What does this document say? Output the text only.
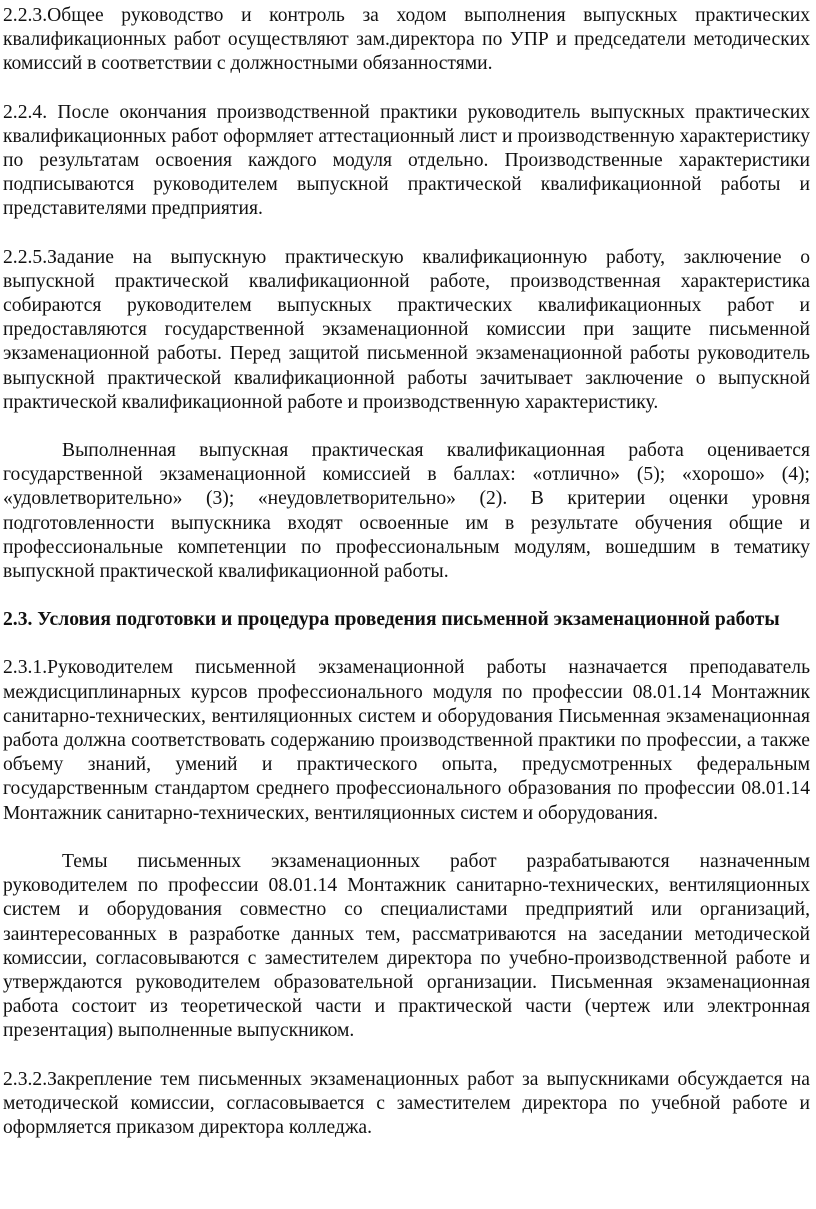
2.2.3.Общее руководство и контроль за ходом выполнения выпускных практических квалификационных работ осуществляют зам.директора по УПР и председатели методических комиссий в соответствии с должностными обязанностями.

2.2.4. После окончания производственной практики руководитель выпускных практических квалификационных работ оформляет аттестационный лист и производственную характеристику по результатам освоения каждого модуля отдельно. Производственные характеристики подписываются руководителем выпускной практической квалификационной работы и представителями предприятия.

2.2.5.Задание на выпускную практическую квалификационную работу, заключение о выпускной практической квалификационной работе, производственная характеристика собираются руководителем выпускных практических квалификационных работ и предоставляются государственной экзаменационной комиссии при защите письменной экзаменационной работы. Перед защитой письменной экзаменационной работы руководитель выпускной практической квалификационной работы зачитывает заключение о выпускной практической квалификационной работе и производственную характеристику.

Выполненная выпускная практическая квалификационная работа оценивается государственной экзаменационной комиссией в баллах: «отлично» (5); «хорошо» (4); «удовлетворительно» (3); «неудовлетворительно» (2). В критерии оценки уровня подготовленности выпускника входят освоенные им в результате обучения общие и профессиональные компетенции по профессиональным модулям, вошедшим в тематику выпускной практической квалификационной работы.

2.3. Условия подготовки и процедура проведения письменной экзаменационной работы

2.3.1.Руководителем письменной экзаменационной работы назначается преподаватель междисциплинарных курсов профессионального модуля по профессии 08.01.14 Монтажник санитарно-технических, вентиляционных систем и оборудования Письменная экзаменационная работа должна соответствовать содержанию производственной практики по профессии, а также объему знаний, умений и практического опыта, предусмотренных федеральным государственным стандартом среднего профессионального образования по профессии 08.01.14 Монтажник санитарно-технических, вентиляционных систем и оборудования.

Темы письменных экзаменационных работ разрабатываются назначенным руководителем по профессии 08.01.14 Монтажник санитарно-технических, вентиляционных систем и оборудования совместно со специалистами предприятий или организаций, заинтересованных в разработке данных тем, рассматриваются на заседании методической комиссии, согласовываются с заместителем директора по учебно-производственной работе и утверждаются руководителем образовательной организации. Письменная экзаменационная работа состоит из теоретической части и практической части (чертеж или электронная презентация) выполненные выпускником.

2.3.2.Закрепление тем письменных экзаменационных работ за выпускниками обсуждается на методической комиссии, согласовывается с заместителем директора по учебной работе и оформляется приказом директора колледжа.
